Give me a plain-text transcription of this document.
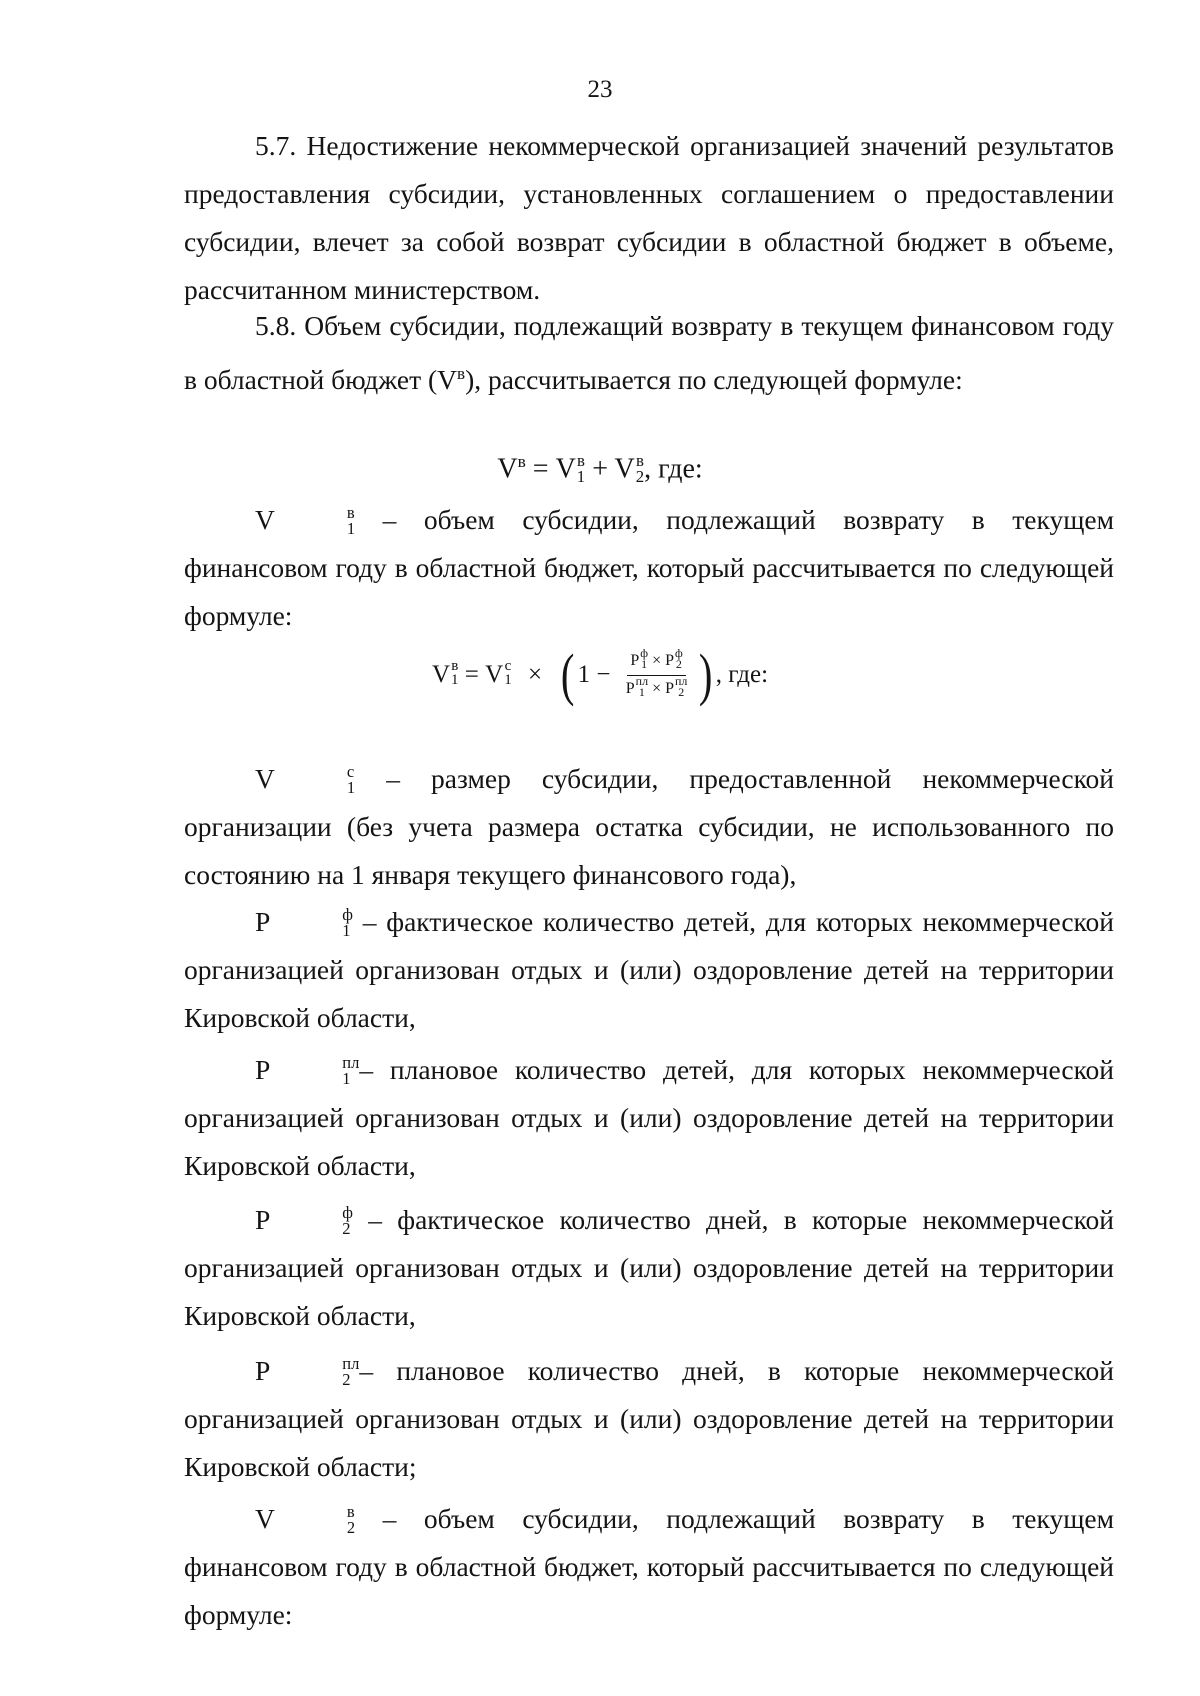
23

5.7. Недостижение некоммерческой организацией значений результатов предоставления субсидии, установленных соглашением о предоставлении субсидии, влечет за собой возврат субсидии в областной бюджет в объеме, рассчитанном министерством.

5.8. Объем субсидии, подлежащий возврату в текущем финансовом году в областной бюджет $(V^в)$, рассчитывается по следующей формуле:

$V^в = V$ в
1 + V в
2 , где:

V	в
1 – объем субсидии, подлежащий возврату в текущем финансовом году в областной бюджет, который рассчитывается по следующей формуле:

V в
1 = V с
1 × ( 1 − P ф
1 × P ф
2
P пл
1 × P пл
2 ) , где:

V	с
1 – размер субсидии, предоставленной некоммерческой организации (без учета размера остатка субсидии, не использованного по состоянию на 1 января текущего финансового года),

P	ф
1 – фактическое количество детей, для которых некоммерческой организацией организован отдых и (или) оздоровление детей на территории Кировской области,

P	пл
1 – плановое количество детей, для которых некоммерческой организацией организован отдых и (или) оздоровление детей на территории Кировской области,

P	ф
2 – фактическое количество дней, в которые некоммерческой организацией организован отдых и (или) оздоровление детей на территории Кировской области,

P	пл
2 – плановое количество дней, в которые некоммерческой организацией организован отдых и (или) оздоровление детей на территории Кировской области;

V	в
2 – объем субсидии, подлежащий возврату в текущем финансовом году в областной бюджет, который рассчитывается по следующей формуле:
